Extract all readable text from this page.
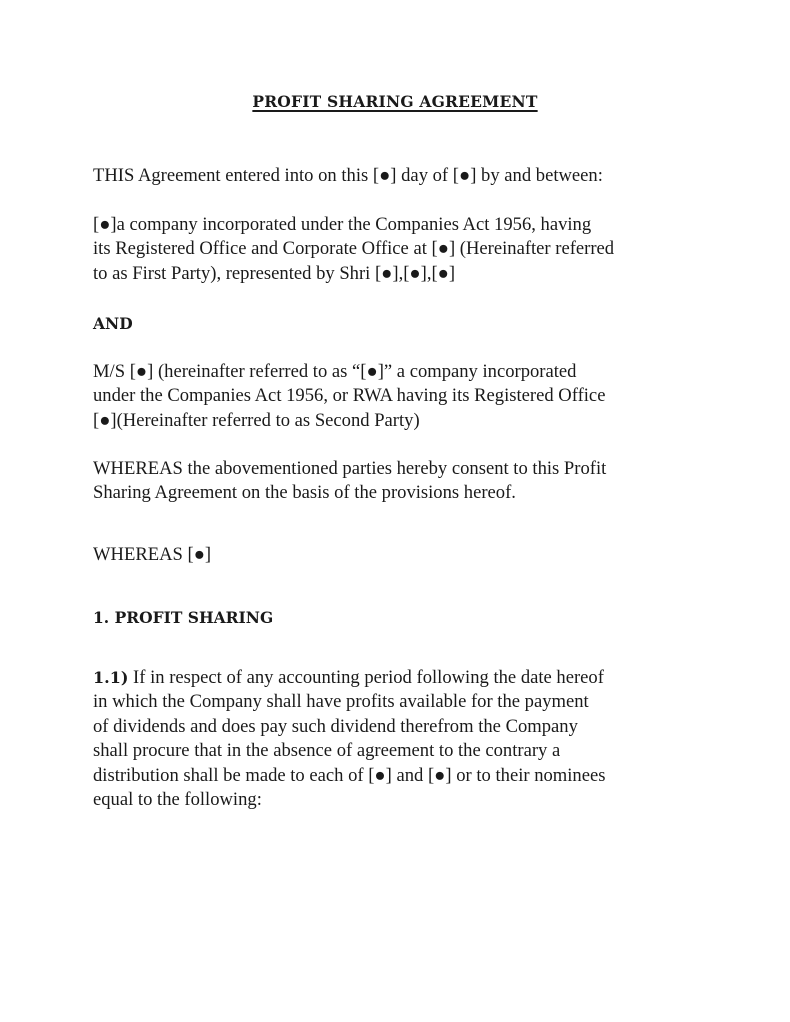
PROFIT SHARING AGREEMENT

THIS Agreement entered into on this [●] day of [●] by and between:

[●]a company incorporated under the Companies Act 1956, having
its Registered Office and Corporate Office at [●] (Hereinafter referred
to as First Party), represented by Shri [●],[●],[●]

AND

M/S [●] (hereinafter referred to as “[●]” a company incorporated
under the Companies Act 1956, or RWA having its Registered Office
[●](Hereinafter referred to as Second Party)

WHEREAS the abovementioned parties hereby consent to this Profit
Sharing Agreement on the basis of the provisions hereof.

WHEREAS [●]

1. PROFIT SHARING

1.1) If in respect of any accounting period following the date hereof
in which the Company shall have profits available for the payment
of dividends and does pay such dividend therefrom the Company
shall procure that in the absence of agreement to the contrary a
distribution shall be made to each of [●] and [●] or to their nominees
equal to the following:
